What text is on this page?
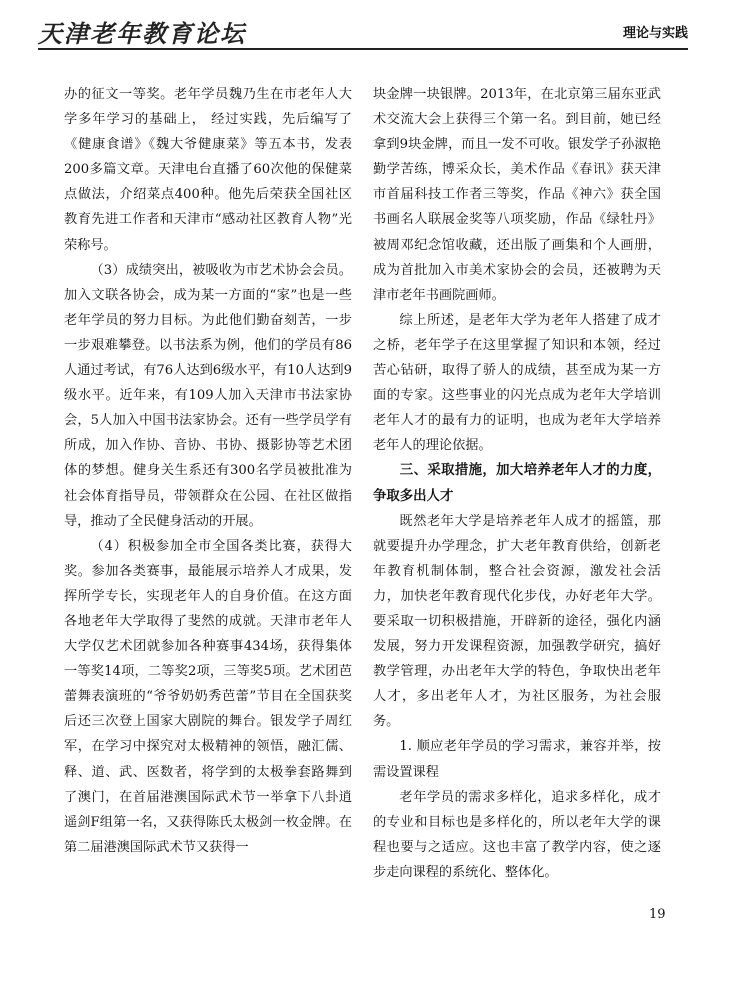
天津老年教育论坛	理论与实践

办的征文一等奖。老年学员魏乃生在市老年人大学多年学习的基础上， 经过实践，先后编写了《健康食谱》《魏大爷健康菜》等五本书，发表200多篇文章。天津电台直播了60次他的保健菜点做法，介绍菜点400种。他先后荣获全国社区教育先进工作者和天津市“感动社区教育人物”光荣称号。

（3）成绩突出，被吸收为市艺术协会会员。加入文联各协会，成为某一方面的“家”也是一些老年学员的努力目标。为此他们勤奋刻苦，一步一步艰难攀登。以书法系为例，他们的学员有86人通过考试，有76人达到6级水平，有10人达到9级水平。近年来，有109人加入天津市书法家协会，5人加入中国书法家协会。还有一些学员学有所成，加入作协、音协、书协、摄影协等艺术团体的梦想。健身关生系还有300名学员被批准为社会体育指导员，带领群众在公园、在社区做指导，推动了全民健身活动的开展。

（4）积极参加全市全国各类比赛，获得大奖。参加各类赛事，最能展示培养人才成果，发挥所学专长，实现老年人的自身价值。在这方面各地老年大学取得了斐然的成就。天津市老年人大学仅艺术团就参加各种赛事434场，获得集体一等奖14项，二等奖2项，三等奖5项。艺术团芭蕾舞表演班的“爷爷奶奶秀芭蕾”节目在全国获奖后还三次登上国家大剧院的舞台。银发学子周红军，在学习中探究对太极精神的领悟，融汇儒、释、道、武、医数者，将学到的太极拳套路舞到了澳门，在首届港澳国际武术节一举拿下八卦逍遥剑F组第一名，又获得陈氏太极剑一枚金牌。在第二届港澳国际武术节又获得一

块金牌一块银牌。2013年，在北京第三届东亚武术交流大会上获得三个第一名。到目前，她已经拿到9块金牌，而且一发不可收。银发学子孙淑艳勤学苦练，博采众长，美术作品《春讯》获天津市首届科技工作者三等奖，作品《神六》获全国书画名人联展金奖等八项奖励，作品《绿牡丹》被周邓纪念馆收藏，还出版了画集和个人画册，成为首批加入市美术家协会的会员，还被聘为天津市老年书画院画师。

综上所述，是老年大学为老年人搭建了成才之桥，老年学子在这里掌握了知识和本领，经过苦心钻研，取得了骄人的成绩，甚至成为某一方面的专家。这些事业的闪光点成为老年大学培训老年人才的最有力的证明，也成为老年大学培养老年人的理论依据。

三、采取措施，加大培养老年人才的力度，争取多出人才

既然老年大学是培养老年人成才的摇篮，那就要提升办学理念，扩大老年教育供给，创新老年教育机制体制，整合社会资源，激发社会活力，加快老年教育现代化步伐，办好老年大学。要采取一切积极措施，开辟新的途径，强化内涵发展，努力开发课程资源，加强教学研究，搞好教学管理，办出老年大学的特色，争取快出老年人才，多出老年人才，为社区服务，为社会服务。

1. 顺应老年学员的学习需求，兼容并举，按需设置课程

老年学员的需求多样化，追求多样化，成才的专业和目标也是多样化的，所以老年大学的课程也要与之适应。这也丰富了教学内容，使之逐步走向课程的系统化、整体化。

19
